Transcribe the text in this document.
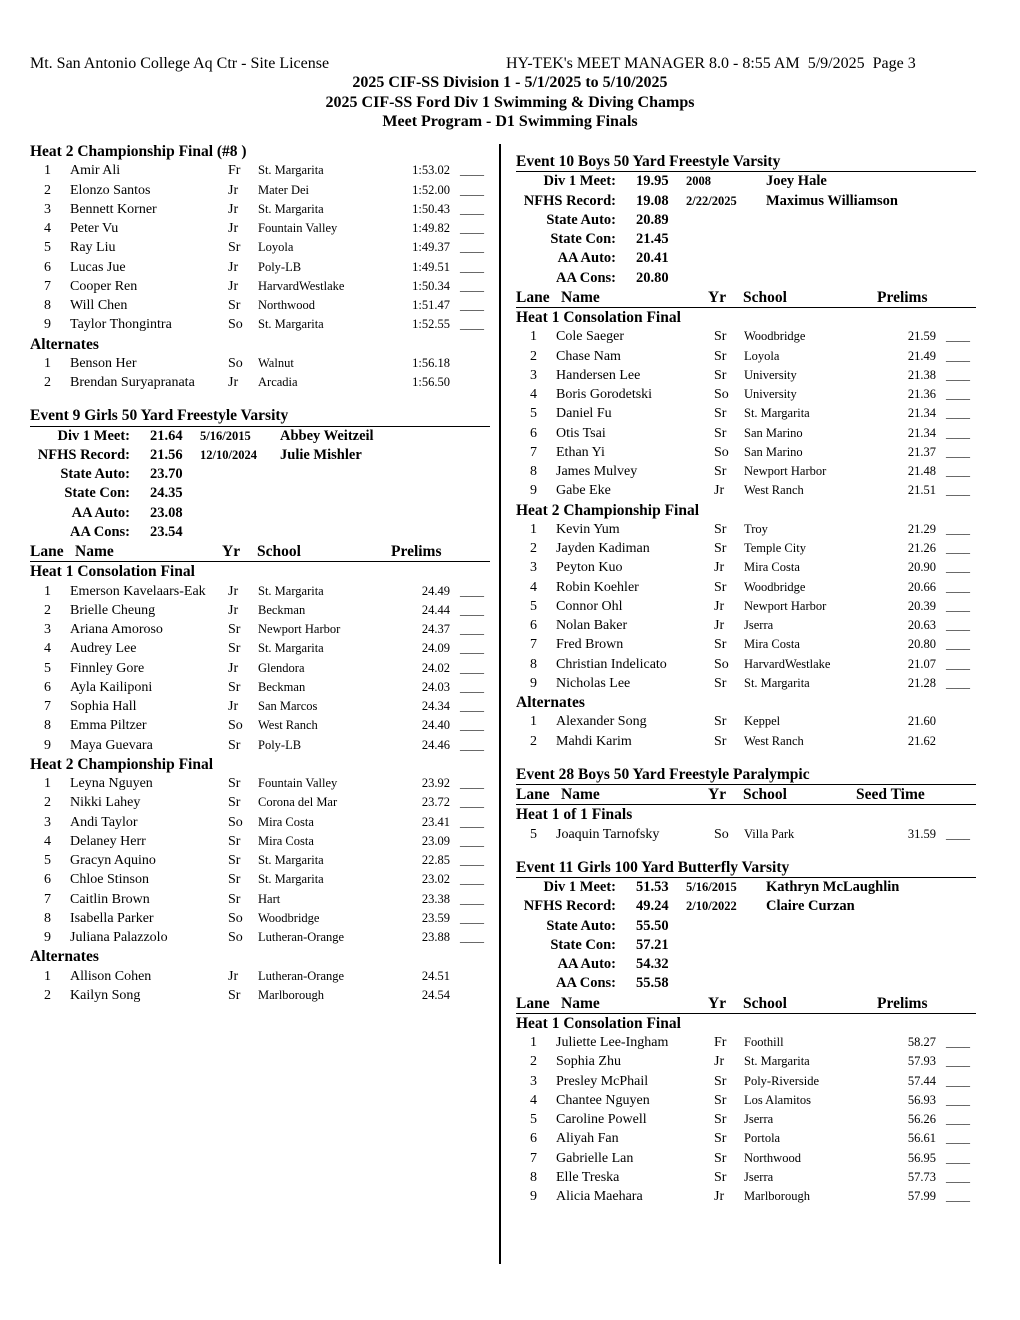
Mt. San Antonio College Aq Ctr - Site License	HY-TEK's MEET MANAGER 8.0 - 8:55 AM  5/9/2025  Page 3
2025 CIF-SS Division 1 - 5/1/2025 to 5/10/2025
2025 CIF-SS Ford Div 1 Swimming & Diving Champs
Meet Program - D1 Swimming Finals
Heat 2 Championship Final (#8 )
1 Amir Ali	Fr St. Margarita	1:53.02 ____
2 Elonzo Santos	Jr Mater Dei	1:52.00 ____
3 Bennett Korner	Jr St. Margarita	1:50.43 ____
4 Peter Vu	Jr Fountain Valley	1:49.82 ____
5 Ray Liu	Sr Loyola	1:49.37 ____
6 Lucas Jue	Jr Poly-LB	1:49.51 ____
7 Cooper Ren	Jr HarvardWestlake	1:50.34 ____
8 Will Chen	Sr Northwood	1:51.47 ____
9 Taylor Thongintra	So St. Margarita	1:52.55 ____
Alternates
1 Benson Her	So Walnut	1:56.18
2 Brendan Suryapranata Jr Arcadia	1:56.50
Event 9 Girls 50 Yard Freestyle Varsity
Div 1 Meet: 21.64 5/16/2015 Abbey Weitzeil
NFHS Record: 21.56 12/10/2024 Julie Mishler
State Auto: 23.70
State Con: 24.35
AA Auto: 23.08
AA Cons: 23.54
Lane Name	Yr School	Prelims
Heat 1 Consolation Final
1 Emerson Kavelaars-Eak Jr St. Margarita	24.49 ____
2 Brielle Cheung	Jr Beckman	24.44 ____
3 Ariana Amoroso	Sr Newport Harbor	24.37 ____
4 Audrey Lee	Sr St. Margarita	24.09 ____
5 Finnley Gore	Jr Glendora	24.02 ____
6 Ayla Kailiponi	Sr Beckman	24.03 ____
7 Sophia Hall	Jr San Marcos	24.34 ____
8 Emma Piltzer	So West Ranch	24.40 ____
9 Maya Guevara	Sr Poly-LB	24.46 ____
Heat 2 Championship Final
1 Leyna Nguyen	Sr Fountain Valley	23.92 ____
2 Nikki Lahey	Sr Corona del Mar	23.72 ____
3 Andi Taylor	So Mira Costa	23.41 ____
4 Delaney Herr	Sr Mira Costa	23.09 ____
5 Gracyn Aquino	Sr St. Margarita	22.85 ____
6 Chloe Stinson	Sr St. Margarita	23.02 ____
7 Caitlin Brown	Sr Hart	23.38 ____
8 Isabella Parker	So Woodbridge	23.59 ____
9 Juliana Palazzolo	So Lutheran-Orange	23.88 ____
Alternates
1 Allison Cohen	Jr Lutheran-Orange	24.51
2 Kailyn Song	Sr Marlborough	24.54
Event 10 Boys 50 Yard Freestyle Varsity
Div 1 Meet: 19.95 2008	Joey Hale
NFHS Record: 19.08 2/22/2025 Maximus Williamson
State Auto: 20.89
State Con: 21.45
AA Auto: 20.41
AA Cons: 20.80
Lane Name	Yr School	Prelims
Heat 1 Consolation Final
1 Cole Saeger	Sr Woodbridge	21.59 ____
2 Chase Nam	Sr Loyola	21.49 ____
3 Handersen Lee	Sr University	21.38 ____
4 Boris Gorodetski	So University	21.36 ____
5 Daniel Fu	Sr St. Margarita	21.34 ____
6 Otis Tsai	Sr San Marino	21.34 ____
7 Ethan Yi	So San Marino	21.37 ____
8 James Mulvey	Sr Newport Harbor	21.48 ____
9 Gabe Eke	Jr West Ranch	21.51 ____
Heat 2 Championship Final
1 Kevin Yum	Sr Troy	21.29 ____
2 Jayden Kadiman	Sr Temple City	21.26 ____
3 Peyton Kuo	Jr Mira Costa	20.90 ____
4 Robin Koehler	Sr Woodbridge	20.66 ____
5 Connor Ohl	Jr Newport Harbor	20.39 ____
6 Nolan Baker	Jr Jserra	20.63 ____
7 Fred Brown	Sr Mira Costa	20.80 ____
8 Christian Indelicato	So HarvardWestlake	21.07 ____
9 Nicholas Lee	Sr St. Margarita	21.28 ____
Alternates
1 Alexander Song	Sr Keppel	21.60
2 Mahdi Karim	Sr West Ranch	21.62
Event 28 Boys 50 Yard Freestyle Paralympic
Lane Name	Yr School	Seed Time
Heat 1 of 1 Finals
5 Joaquin Tarnofsky	So Villa Park	31.59 ____
Event 11 Girls 100 Yard Butterfly Varsity
Div 1 Meet: 51.53 5/16/2015 Kathryn McLaughlin
NFHS Record: 49.24 2/10/2022 Claire Curzan
State Auto: 55.50
State Con: 57.21
AA Auto: 54.32
AA Cons: 55.58
Lane Name	Yr School	Prelims
Heat 1 Consolation Final
1 Juliette Lee-Ingham	Fr Foothill	58.27 ____
2 Sophia Zhu	Jr St. Margarita	57.93 ____
3 Presley McPhail	Sr Poly-Riverside	57.44 ____
4 Chantee Nguyen	Sr Los Alamitos	56.93 ____
5 Caroline Powell	Sr Jserra	56.26 ____
6 Aliyah Fan	Sr Portola	56.61 ____
7 Gabrielle Lan	Sr Northwood	56.95 ____
8 Elle Treska	Sr Jserra	57.73 ____
9 Alicia Maehara	Jr Marlborough	57.99 ____
